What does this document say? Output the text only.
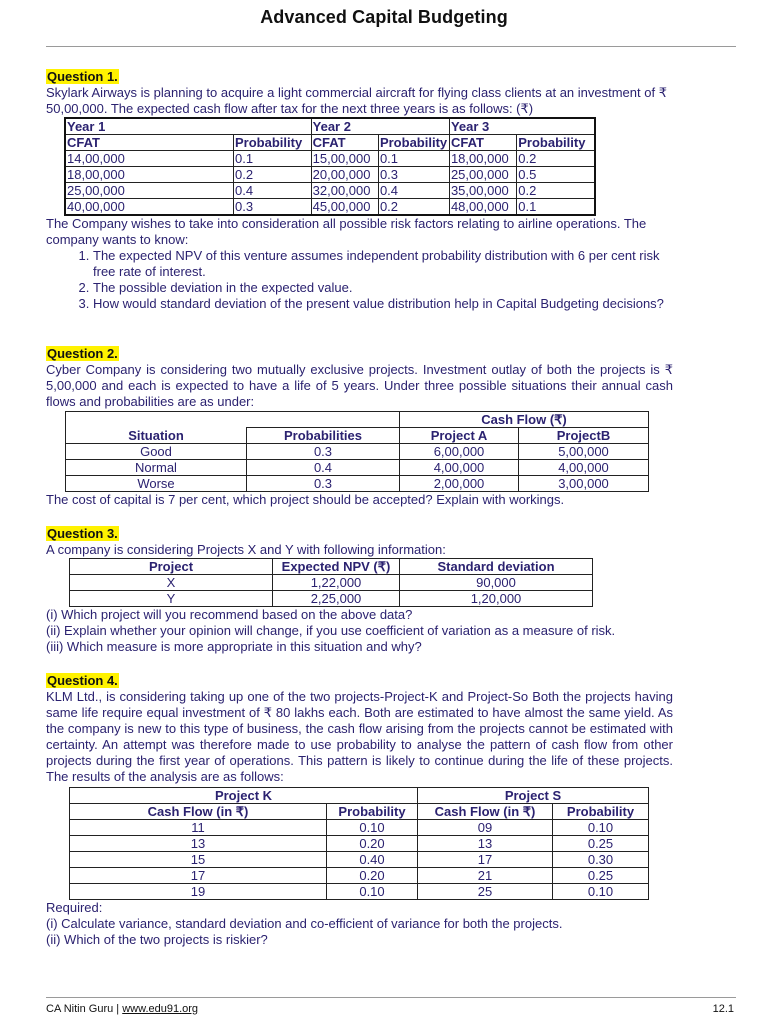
Advanced Capital Budgeting
Question 1.
Skylark Airways is planning to acquire a light commercial aircraft for flying class clients at an investment of ₹ 50,00,000. The expected cash flow after tax for the next three years is as follows: (₹)
Year 1		Year 2		Year 3	
CFAT	Probability	CFAT	Probability	CFAT	Probability
14,00,000	0.1	15,00,000	0.1	18,00,000	0.2
18,00,000	0.2	20,00,000	0.3	25,00,000	0.5
25,00,000	0.4	32,00,000	0.4	35,00,000	0.2
40,00,000	0.3	45,00,000	0.2	48,00,000	0.1
The Company wishes to take into consideration all possible risk factors relating to airline operations. The company wants to know:
1. The expected NPV of this venture assumes independent probability distribution with 6 per cent risk free rate of interest.
2. The possible deviation in the expected value.
3. How would standard deviation of the present value distribution help in Capital Budgeting decisions?
Question 2.
Cyber Company is considering two mutually exclusive projects. Investment outlay of both the projects is ₹ 5,00,000 and each is expected to have a life of 5 years. Under three possible situations their annual cash flows and probabilities are as under:
		Cash Flow (₹)	
Situation	Probabilities	Project A	ProjectB
Good	0.3	6,00,000	5,00,000
Normal	0.4	4,00,000	4,00,000
Worse	0.3	2,00,000	3,00,000
The cost of capital is 7 per cent, which project should be accepted? Explain with workings.
Question 3.
A company is considering Projects X and Y with following information:
Project	Expected NPV (₹)	Standard deviation
X	1,22,000	90,000
Y	2,25,000	1,20,000
(i) Which project will you recommend based on the above data?
(ii) Explain whether your opinion will change, if you use coefficient of variation as a measure of risk.
(iii) Which measure is more appropriate in this situation and why?
Question 4.
KLM Ltd., is considering taking up one of the two projects-Project-K and Project-So Both the projects having same life require equal investment of ₹ 80 lakhs each. Both are estimated to have almost the same yield. As the company is new to this type of business, the cash flow arising from the projects cannot be estimated with certainty. An attempt was therefore made to use probability to analyse the pattern of cash flow from other projects during the first year of operations. This pattern is likely to continue during the life of these projects. The results of the analysis are as follows:
Project K		Project S	
Cash Flow (in ₹)	Probability	Cash Flow (in ₹)	Probability
11	0.10	09	0.10
13	0.20	13	0.25
15	0.40	17	0.30
17	0.20	21	0.25
19	0.10	25	0.10
Required:
(i) Calculate variance, standard deviation and co-efficient of variance for both the projects.
(ii) Which of the two projects is riskier?
CA Nitin Guru | www.edu91.org	12.1
